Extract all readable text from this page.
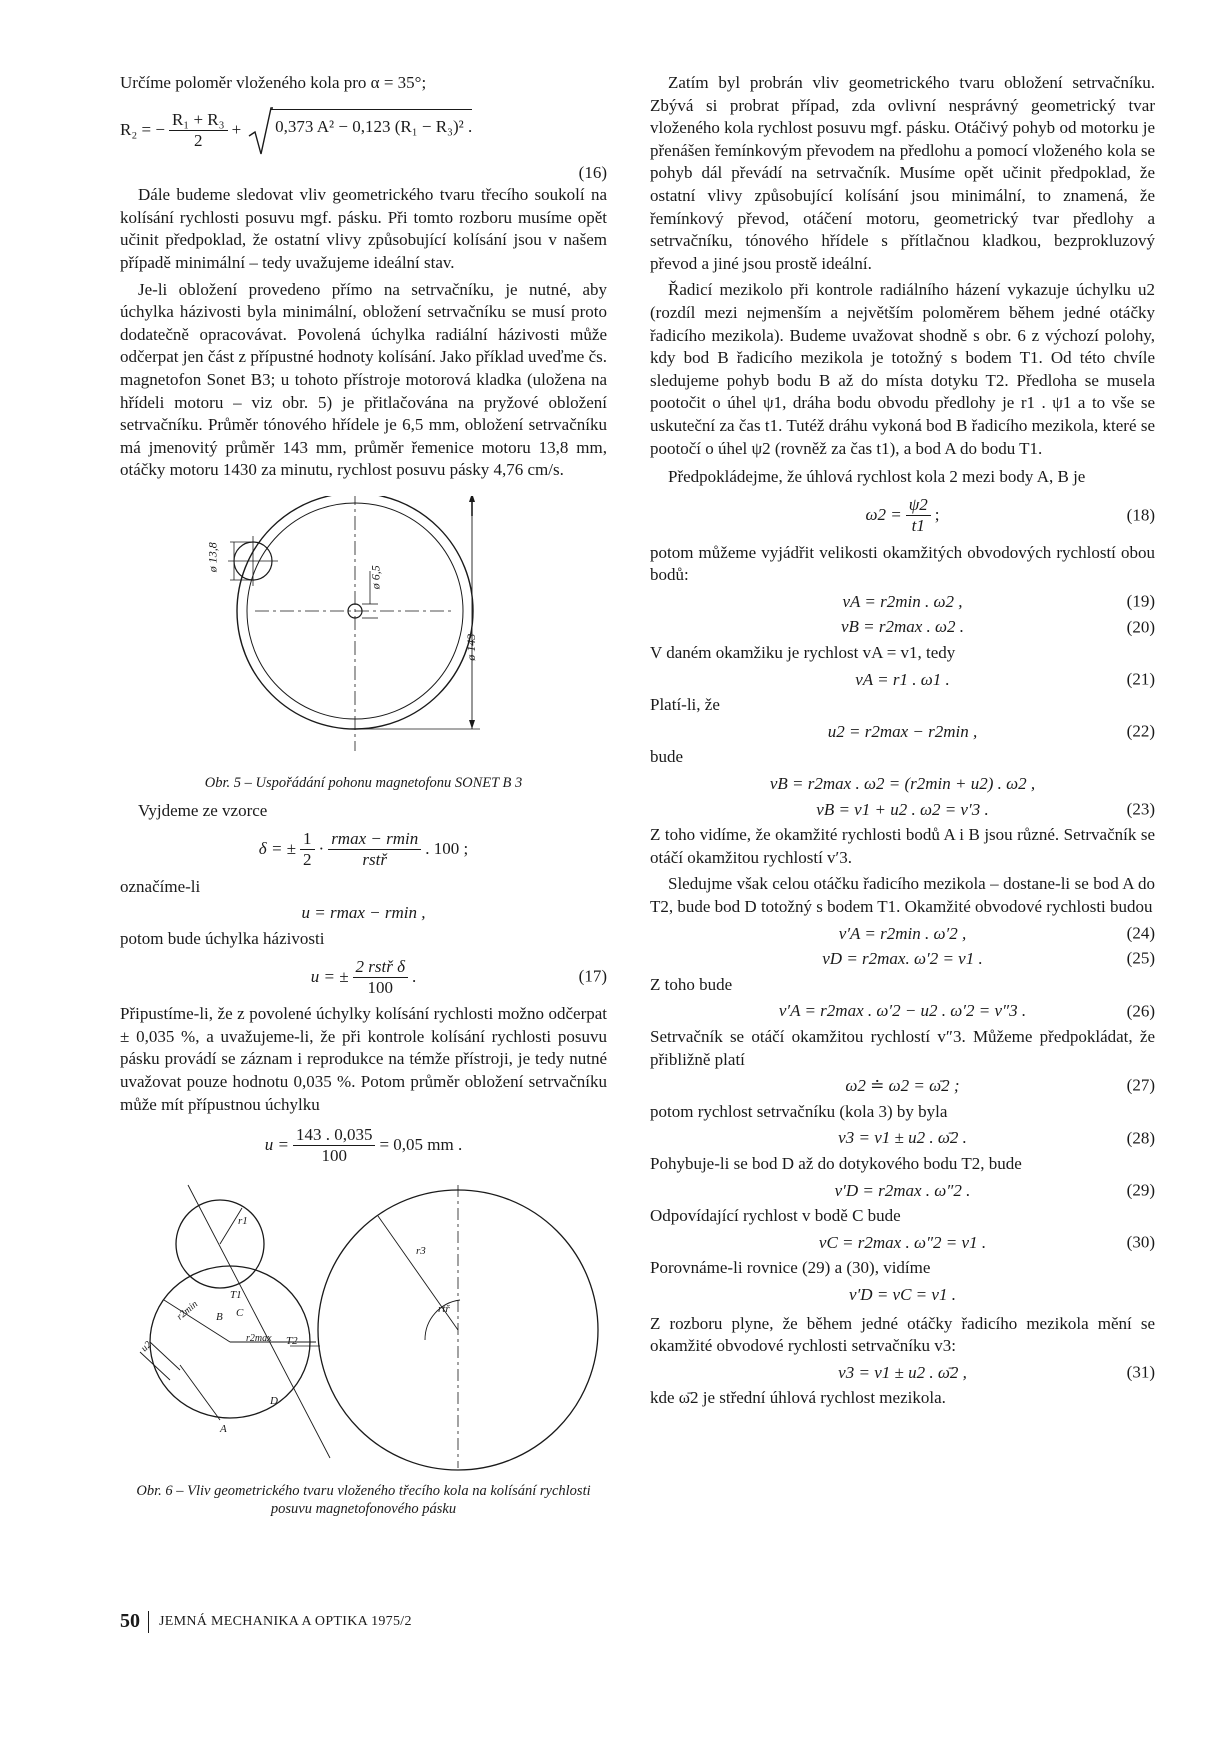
Určíme poloměr vloženého kola pro α = 35°;

R₂ = − $\frac{\text{R₁ + R₃}}{2} + 0,373$ A² − 0,123 (R₁ − R₃)² .
(16)

Dále budeme sledovat vliv geometrického tvaru třecího soukolí na kolísání rychlosti posuvu mgf. pásku. Při tomto rozboru musíme opět učinit předpoklad, že ostatní vlivy způsobující kolísání jsou v našem případě minimální – tedy uvažujeme ideální stav.

Je-li obložení provedeno přímo na setrvačníku, je nutné, aby úchylka házivosti byla minimální, obložení setrvačníku se musí proto dodatečně opracovávat. Povolená úchylka radiální házivosti může odčerpat jen část z přípustné hodnoty kolísání. Jako příklad uveďme čs. magnetofon Sonet B3; u tohoto přístroje motorová kladka (uložena na hřídeli motoru – viz obr. 5) je přitlačována na pryžové obložení setrvačníku. Průměr tónového hřídele je 6,5 mm, obložení setrvačníku má jmenovitý průměr 143 mm, průměr řemenice motoru 13,8 mm, otáčky motoru 1430 za minutu, rychlost posuvu pásky 4,76 cm/s.

ø 13,8
ø 6,5
ø 143

Obr. 5 – Uspořádání pohonu magnetofonu SONET B 3

Vyjdeme ze vzorce

δ = ± $\frac{1}{2}$ ·
rmax − rmin
rstř
. 100 ;

označíme-li

u = rmax − rmin ,

potom bude úchylka házivosti

u = ±
2 rstř δ
100
.	(17)

Připustíme-li, že z povolené úchylky kolísání rychlosti možno odčerpat ± 0,035 %, a uvažujeme-li, že při kontrole kolísání rychlosti posuvu pásku provádí se záznam i reprodukce na témže přístroji, je tedy nutné uvažovat pouze hodnotu 0,035 %. Potom průměr obložení setrvačníku může mít přípustnou úchylku

$u = \frac{143 . 0,035}{100} = 0,05$ mm .
r1
T1
B C
r2min
r2max
u2
A
D
T2
r3
rtř

Obr. 6 – Vliv geometrického tvaru vloženého třecího kola na kolísání rychlosti posuvu magnetofonového pásku

Zatím byl probrán vliv geometrického tvaru obložení setrvačníku. Zbývá si probrat případ, zda ovlivní nesprávný geometrický tvar vloženého kola rychlost posuvu mgf. pásku. Otáčivý pohyb od motorku je přenášen řemínkovým převodem na předlohu a pomocí vloženého kola se pohyb dál převádí na setrvačník. Musíme opět učinit předpoklad, že ostatní vlivy způsobující kolísání jsou minimální, to znamená, že řemínkový převod, otáčení motoru, geometrický tvar předlohy a setrvačníku, tónového hřídele s přítlačnou kladkou, bezprokluzový převod a jiné jsou prostě ideální.

Řadicí mezikolo při kontrole radiálního házení vykazuje úchylku u2 (rozdíl mezi nejmenším a největším poloměrem během jedné otáčky řadicího mezikola). Budeme uvažovat shodně s obr. 6 z výchozí polohy, kdy bod B řadicího mezikola je totožný s bodem T1. Od této chvíle sledujeme pohyb bodu B až do místa dotyku T2. Předloha se musela pootočit o úhel ψ1, dráha bodu obvodu předlohy je r1 . ψ1 a to vše se uskuteční za čas t1. Tutéž dráhu vykoná bod B řadicího mezikola, které se pootočí o úhel ψ2 (rovněž za čas t1), a bod A do bodu T1.

Předpokládejme, že úhlová rychlost kola 2 mezi body A, B je

$\omega 2 = \frac{\psi 2}{t1}$ ;	(18)

potom můžeme vyjádřit velikosti okamžitých obvodových rychlostí obou bodů:

vA = r2min . ω2 ,	(19)
vB = r2max . ω2 .	(20)

V daném okamžiku je rychlost vA = v1, tedy

vA = r1 . ω1 .	(21)

Platí-li, že

u2 = r2max − r2min ,	(22)

bude

vB = r2max . ω2 = (r2min + u2) . ω2 ,
vB = v1 + u2 . ω2 = v′3 .	(23)

Z toho vidíme, že okamžité rychlosti bodů A i B jsou různé. Setrvačník se otáčí okamžitou rychlostí v′3.

Sledujme však celou otáčku řadicího mezikola – dostane-li se bod A do T2, bude bod D totožný s bodem T1. Okamžité obvodové rychlosti budou

v′A = r2min . ω′2 ,	(24)
vD = r2max. ω′2 = v1 .	(25)

Z toho bude

v′A = r2max . ω′2 − u2 . ω′2 = v″3 .	(26)

Setrvačník se otáčí okamžitou rychlostí v″3. Můžeme předpokládat, že přibližně platí

ω2 ≐ ω2 = ω̄2 ;	(27)

potom rychlost setrvačníku (kola 3) by byla

v3 = v1 ± u2 . ω̄2 .	(28)

Pohybuje-li se bod D až do dotykového bodu T2, bude

v′D = r2max . ω″2 .	(29)

Odpovídající rychlost v bodě C bude

vC = r2max . ω″2 = v1 .	(30)

Porovnáme-li rovnice (29) a (30), vidíme

v′D = vC = v1 .

Z rozboru plyne, že během jedné otáčky řadicího mezikola mění se okamžité obvodové rychlosti setrvačníku v3:

v3 = v1 ± u2 . ω̄2 ,	(31)

kde ω̄2 je střední úhlová rychlost mezikola.

50 JEMNÁ MECHANIKA A OPTIKA 1975/2
